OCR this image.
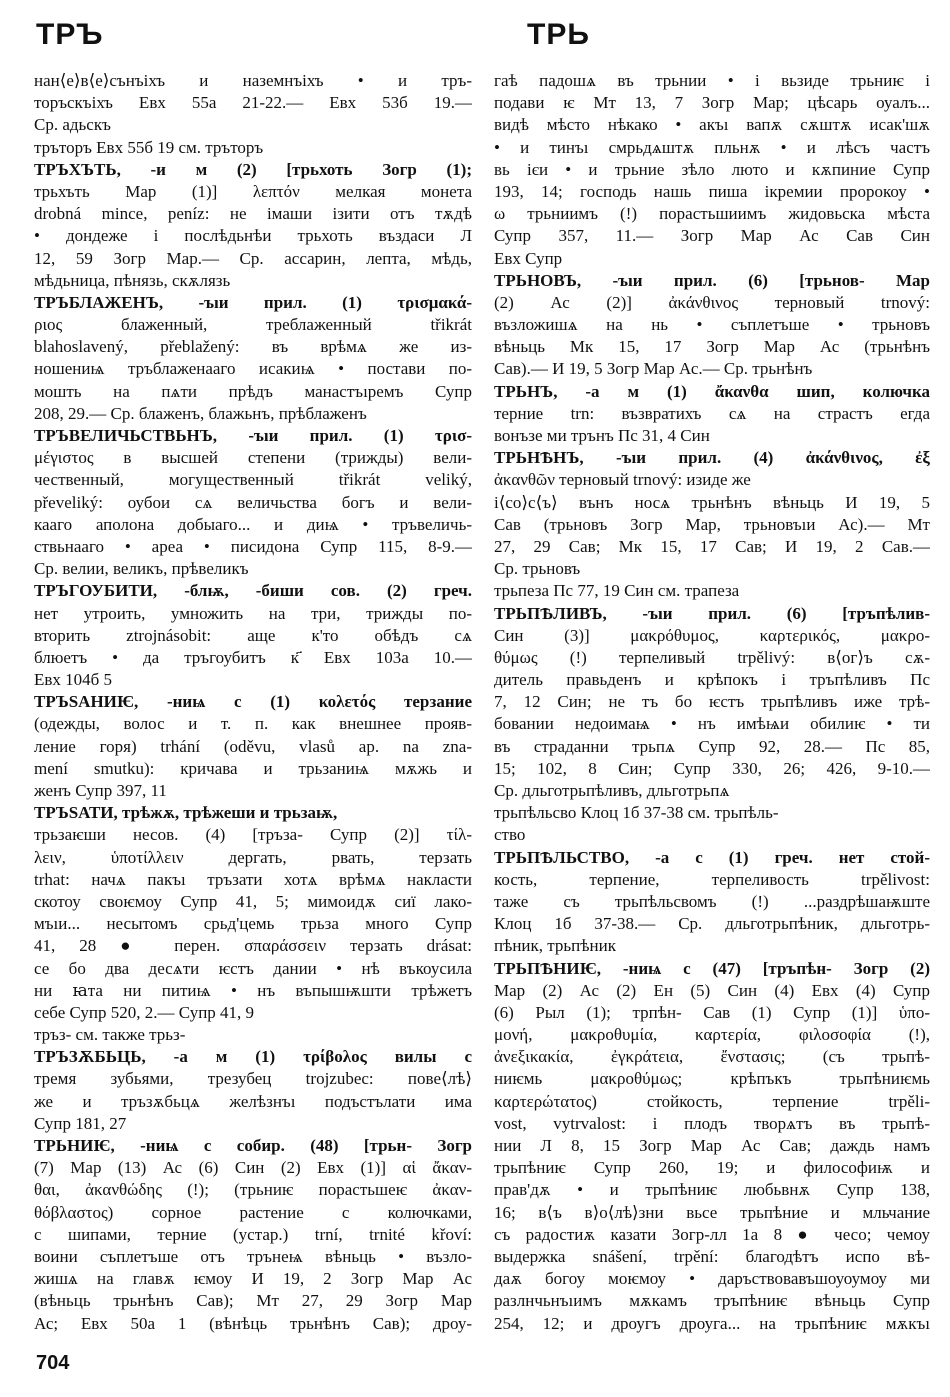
ТРЪ	ТРЬ
нан⟨е⟩в⟨е⟩сънъіхъ и наземнъіхъ • и тръ-
торъскъіхъ Евх 55а 21-22.— Евх 53б 19.—
Ср. адьскъ
тръторъ Евх 55б 19 см. тръторъ
ТРЪХЪТЬ, -и м (2) [трьхоть Зогр (1);
трьхъть Мар (1)] λεπτόν мелкая монета
drobná mince, peníz: не імаши ізити отъ тѫдѣ
• дондеже і послѣдьнѣи трьхоть въздаси Л
12, 59 Зогр Мар.— Ср. ассарин, лепта, мѣдь,
мѣдьница, пѣнязь, скѫлязь
ТРЪБЛАЖЕНЪ, -ъıи прил. (1) τρισμακά-
ριος блаженный, треблаженный třikrát
blahoslavený, přeblažený: въ врѣмѧ же из-
ношениѩ тръблаженааго исакиѩ • постави по-
мошть на пѧти прѣдъ манастъıремъ Супр
208, 29.— Ср. блаженъ, блажьнъ, прѣблаженъ
ТРЪВЕЛИЧЬСТВЬНЪ, -ъıи прил. (1) τρισ-
μέγιστος в высшей степени (трижды) вели-
чественный, могущественный třikrát veliký,
převeliký: оубои сѧ величьства богъ и вели-
кааго аполона добыаго... и диѩ • тръвеличь-
ствьнааго • ареа • писидона Супр 115, 8-9.—
Ср. велии, великъ, прѣвеликъ
ТРЪГОУБИТИ, -блѭ, -биши сов. (2) греч.
нет утроить, умножить на три, трижды по-
вторить ztrojnásobit: аще к'то обѣдъ сѧ
блюетъ • да тръгоубитъ к҃ Евх 103а 10.—
Евх 104б 5
ТРЪЅАНИѤ, -ниѩ с (1) κολετός терзание
(одежды, волос и т. п. как внешнее прояв-
ление горя) trhání (oděvu, vlasů ap. na zna-
mení smutku): кричава и трьзаниѩ мѫжь и
женъ Супр 397, 11
ТРЪЅАТИ, трѣжѫ, трѣжеши и трьзаѭ,
трьзаѥши несов. (4) [тръза- Супр (2)] τίλ-
λειν, ὑποτίλλειν дергать, рвать, терзать
trhat: начѧ пакъı тръзати хотѧ врѣмѧ накласти
скотоу своѥмоу Супр 41, 5; мимоидѫ сиї лако-
мъıи... несытомъ срьд'цемь трьза много Супр
41, 28 ● перен. σπαράσσειν терзать drásat:
се бо два десѧти ѥстъ дании • нѣ въкоусила
ни ꙗта ни питиѩ • нъ въпышѭшти трѣжетъ
себе Супр 520, 2.— Супр 41, 9
тръз- см. также трьз-
ТРЪЗѪБЬЦЬ, -а м (1) τρίβολος вилы с
тремя зубьями, трезубец trojzubec: пове⟨лѣ⟩
же и тръзѫбьцѧ желѣзнъı подъстълати има
Супр 181, 27
ТРЬНИѤ, -ниѩ с собир. (48) [трьн- Зогр
(7) Мар (13) Ас (6) Син (2) Евх (1)] αἱ ἄκαν-
θαι, ἀκανθώδης (!); (трьниѥ порастьшеѥ ἀκαν-
θόβλαστος) сорное растение с колючками,
с шипами, терние (устар.) trní, trnité křoví:
воини съплетъше отъ трънеѩ вѣньць • възло-
жишѧ на главѫ ѥмоу И 19, 2 Зогр Мар Ас
(вѣньць трьнѣнъ Сав); Мт 27, 29 Зогр Мар
Ас; Евх 50а 1 (вѣнѣць трьнѣнъ Сав); дроу-
гаѣ падошѧ въ трьнии • і вьзиде трьниѥ і
подави ѥ Мт 13, 7 Зогр Мар; цѣсарь оуалъ...
видѣ мѣсто нѣкако • акъı вапѫ сѫштѫ исак'шѫ
• и тинъı смрьдѧштѫ пльнѫ • и лѣсъ частъ
вь ієи • и трьние зѣло люто и кѫпиние Супр
193, 14; господь нашь пиша ікремии пророкоу •
ω трьниимъ (!) порастьшиимъ жидовьска мѣста
Супр 357, 11.— Зогр Мар Ас Сав Син
Евх Супр
ТРЬНОВЪ, -ъıи прил. (6) [трьнов- Мар
(2) Ас (2)] ἀκάνθινος терновый trnový:
възложишѧ на нь • съплетъше • трьновъ
вѣньць Мк 15, 17 Зогр Мар Ас (трьнѣнъ
Сав).— И 19, 5 Зогр Мар Ас.— Ср. трьнѣнъ
ТРЬНЪ, -а м (1) ἄκανθα шип, колючка
терние trn: възвратихъ сѧ на страстъ егда
вонъзе ми трънъ Пс 31, 4 Син
ТРЬНѢНЪ, -ъıи прил. (4) ἀκάνθινος, ἐξ
ἀκανθῶν терновый trnový: изиде же
і⟨со⟩с⟨ъ⟩ вънъ носѧ трьнѣнъ вѣньць И 19, 5
Сав (трьновъ Зогр Мар, трьновъıи Ас).— Мт
27, 29 Сав; Мк 15, 17 Сав; И 19, 2 Сав.—
Ср. трьновъ
трьпеза Пс 77, 19 Син см. трапеза
ТРЬПѢЛИВЪ, -ъıи прил. (6) [тръпѣлив-
Син (3)] μακρόθυμος, καρτερικός, μακρο-
θύμως (!) терпеливый trpělivý: в⟨ог⟩ъ сѫ-
дитель правьденъ и крѣпокъ і тръпѣливъ Пс
7, 12 Син; не тъ бо ѥстъ трьпѣливъ иже трѣ-
бовании недоимаѩ • нъ имѣѩи обилиѥ • ти
въ страданни трьпѧ Супр 92, 28.— Пс 85,
15; 102, 8 Син; Супр 330, 26; 426, 9-10.—
Ср. дльготрьпѣливъ, дльготрьпѧ
трьпѣльсво Клоц 1б 37-38 см. трьпѣль-
ство
ТРЬПѢЛЬСТВО, -а с (1) греч. нет стой-
кость, терпение, терпеливость trpělivost:
таже съ трьпѣльсвомъ (!) ...раздрѣшаѭште
Клоц 1б 37-38.— Ср. дльготрьпѣник, дльготрь-
пѣник, трьпѣник
ТРЬПѢНИѤ, -ниѩ с (47) [тръпѣн- Зогр (2)
Мар (2) Ас (2) Ен (5) Син (4) Евх (4) Супр
(6) Рыл (1); трпѣн- Сав (1) Супр (1)] ὑπο-
μονή, μακροθυμία, καρτερία, φιλοσοφία (!),
ἀνεξικακία, ἐγκράτεια, ἔνστασις; (съ трьпѣ-
ниѥмь μακροθύμως; крѣпъкъ трьпѣниѥмь
καρτερώτατος) стойкость, терпение trpěli-
vost, vytrvalost: і плодъ творѧтъ въ трьпѣ-
нии Л 8, 15 Зогр Мар Ас Сав; даждь намъ
трьпѣниѥ Супр 260, 19; и философиѭ и
прав'дѫ • и трьпѣниѥ любьвнѫ Супр 138,
16; в⟨ъ в⟩о⟨лѣ⟩зни вьсе трьпѣние и мльчание
съ радостиѫ казати Зогр-лл 1а 8 ● чесо; чемоу
выдержка snášení, trpění: благодѣтъ испо вѣ-
даѫ богоу моѥмоу • даръствовавъшоуоумоу ми
разлнчьнъıимъ мѫкамъ тръпѣниѥ вѣньць Супр
254, 12; и дроугъ дроуга... на трьпѣниѥ мѫкъı
704
